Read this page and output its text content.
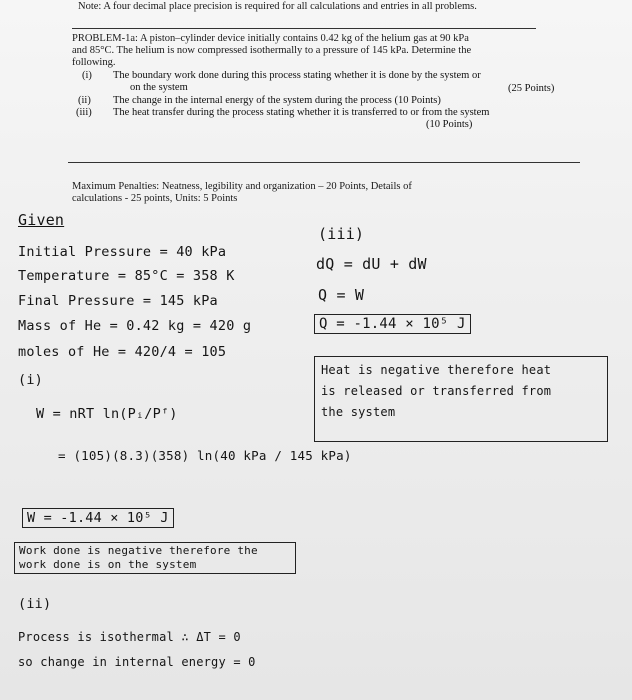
Note: A four decimal place precision is required for all calculations and entries in all problems.
PROBLEM-1a: A piston–cylinder device initially contains 0.42 kg of the helium gas at 90 kPa
and 85°C. The helium is now compressed isothermally to a pressure of 145 kPa. Determine the
following.
(i) The boundary work done during this process stating whether it is done by the system or
on the system	(25 Points)
(ii) The change in the internal energy of the system during the process (10 Points)
(iii) The heat transfer during the process stating whether it is transferred to or from the system
(10 Points)
Maximum Penalties: Neatness, legibility and organization – 20 Points, Details of
calculations - 25 points, Units: 5 Points
Given
Initial Pressure = 40 kPa
Temperature = 85°C = 358 K
Final Pressure = 145 kPa
Mass of He = 0.42 kg = 420 g
moles of He = 420/4 = 105
(i)
W = nRT ln(Pᵢ/Pᶠ)
= (105)(8.3)(358) ln(40 kPa / 145 kPa)
W = -1.44 × 10⁵ J
Work done is negative therefore the
work done is on the system
(ii)
Process is isothermal ∴ ΔT = 0
so change in internal energy = 0
(iii)
dQ = dU + dW
Q = W
Q = -1.44 × 10⁵ J
Heat is negative therefore heat
is released or transferred from
the system
